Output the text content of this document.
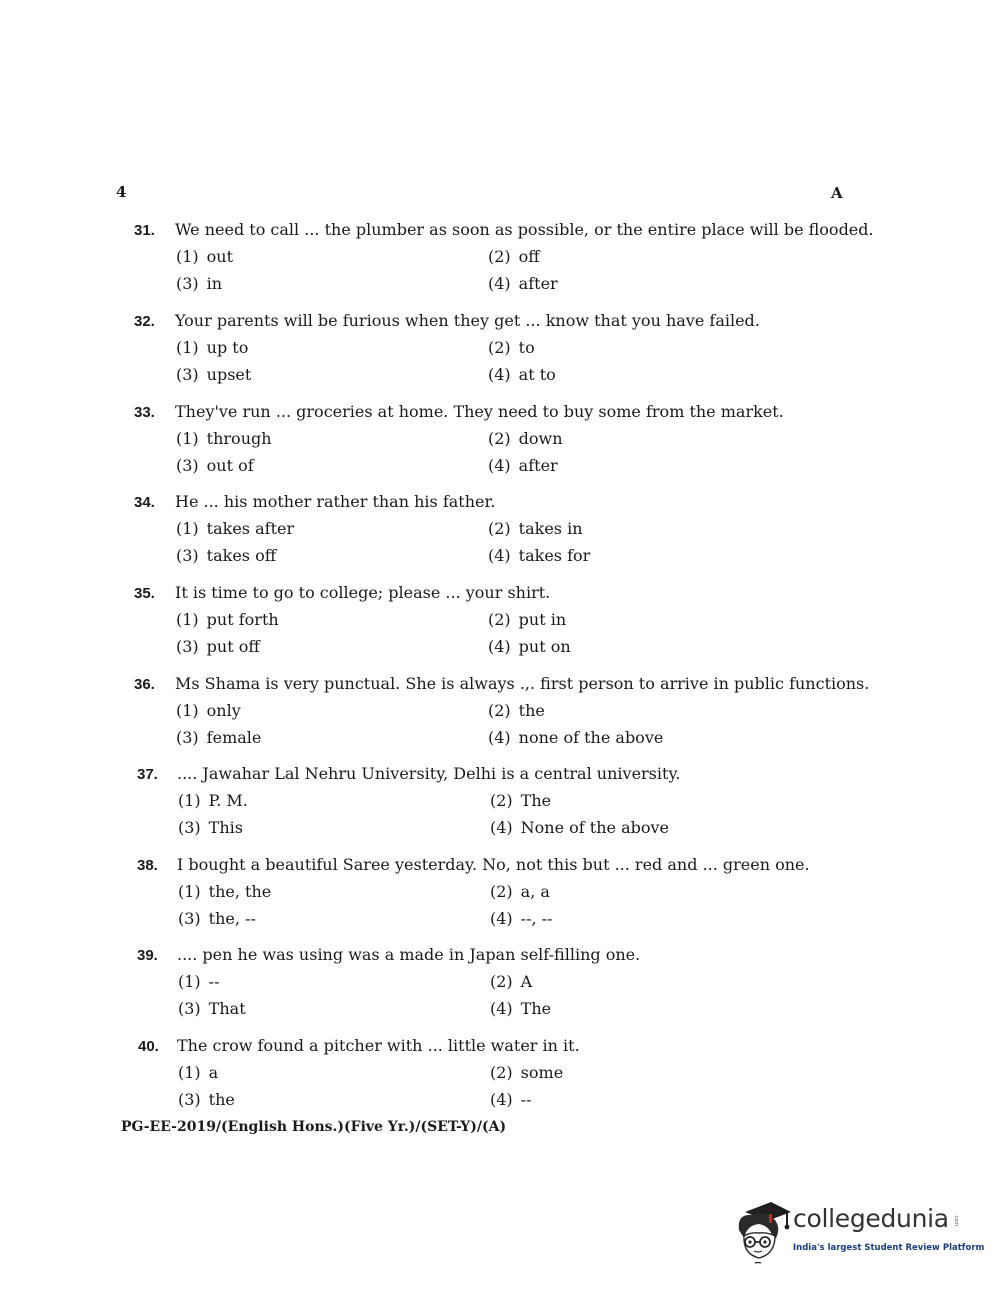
4	A
31. We need to call ... the plumber as soon as possible, or the entire place will be flooded.
(1) out	(2) off
(3) in	(4) after
32. Your parents will be furious when they get ... know that you have failed.
(1) up to	(2) to
(3) upset	(4) at to
33. They've run ... groceries at home. They need to buy some from the market.
(1) through	(2) down
(3) out of	(4) after
34. He ... his mother rather than his father.
(1) takes after	(2) takes in
(3) takes off	(4) takes for
35. It is time to go to college; please ... your shirt.
(1) put forth	(2) put in
(3) put off	(4) put on
36. Ms Shama is very punctual. She is always .,. first person to arrive in public functions.
(1) only	(2) the
(3) female	(4) none of the above
37. .... Jawahar Lal Nehru University, Delhi is a central university.
(1) P. M.	(2) The
(3) This	(4) None of the above
38. I bought a beautiful Saree yesterday. No, not this but ... red and ... green one.
(1) the, the	(2) a, a
(3) the, --	(4) --, --
39. .... pen he was using was a made in Japan self-filling one.
(1) --	(2) A
(3) That	(4) The
40. The crow found a pitcher with ... little water in it.
(1) a	(2) some
(3) the	(4) --
PG-EE-2019/(English Hons.)(Five Yr.)/(SET-Y)/(A)
collegedunia .com
India's largest Student Review Platform
